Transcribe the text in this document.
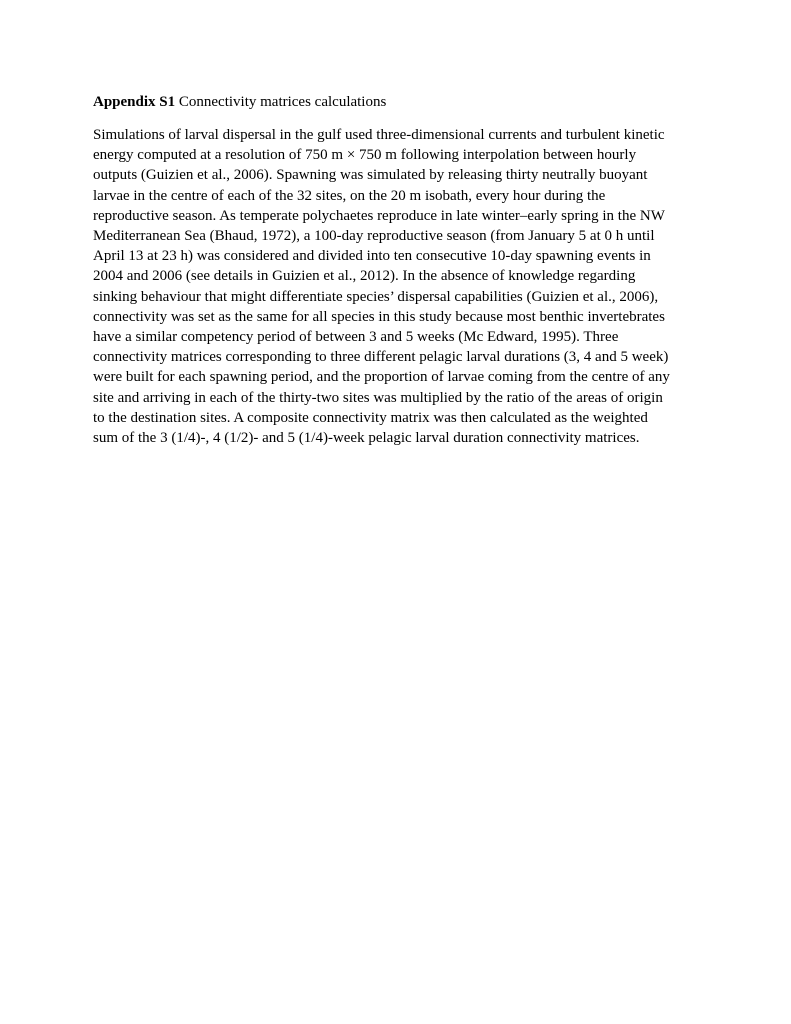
Appendix S1 Connectivity matrices calculations
Simulations of larval dispersal in the gulf used three-dimensional currents and turbulent kinetic
energy computed at a resolution of 750 m × 750 m following interpolation between hourly
outputs (Guizien et al., 2006). Spawning was simulated by releasing thirty neutrally buoyant
larvae in the centre of each of the 32 sites, on the 20 m isobath, every hour during the
reproductive season. As temperate polychaetes reproduce in late winter–early spring in the NW
Mediterranean Sea (Bhaud, 1972), a 100-day reproductive season (from January 5 at 0 h until
April 13 at 23 h) was considered and divided into ten consecutive 10-day spawning events in
2004 and 2006 (see details in Guizien et al., 2012). In the absence of knowledge regarding
sinking behaviour that might differentiate species’ dispersal capabilities (Guizien et al., 2006),
connectivity was set as the same for all species in this study because most benthic invertebrates
have a similar competency period of between 3 and 5 weeks (Mc Edward, 1995). Three
connectivity matrices corresponding to three different pelagic larval durations (3, 4 and 5 week)
were built for each spawning period, and the proportion of larvae coming from the centre of any
site and arriving in each of the thirty-two sites was multiplied by the ratio of the areas of origin
to the destination sites. A composite connectivity matrix was then calculated as the weighted
sum of the 3 (1/4)-, 4 (1/2)- and 5 (1/4)-week pelagic larval duration connectivity matrices.
